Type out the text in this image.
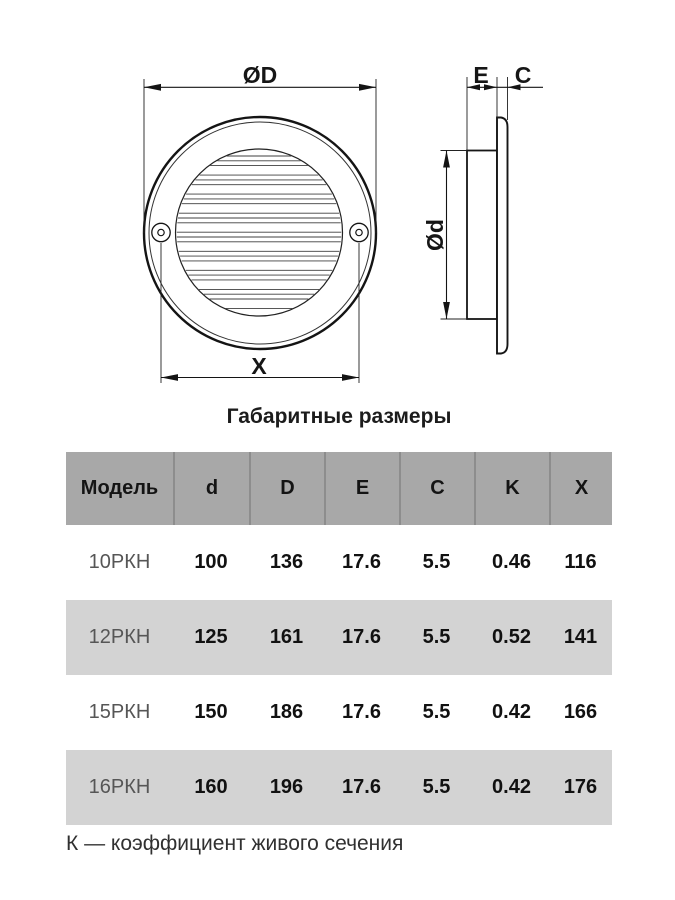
ØD
X
Ød
E C
Габаритные размеры
Модель	d	D	E	C	K	X
10РКН	100	136	17.6	5.5	0.46	116
12РКН	125	161	17.6	5.5	0.52	141
15РКН	150	186	17.6	5.5	0.42	166
16РКН	160	196	17.6	5.5	0.42	176
К — коэффициент живого сечения
